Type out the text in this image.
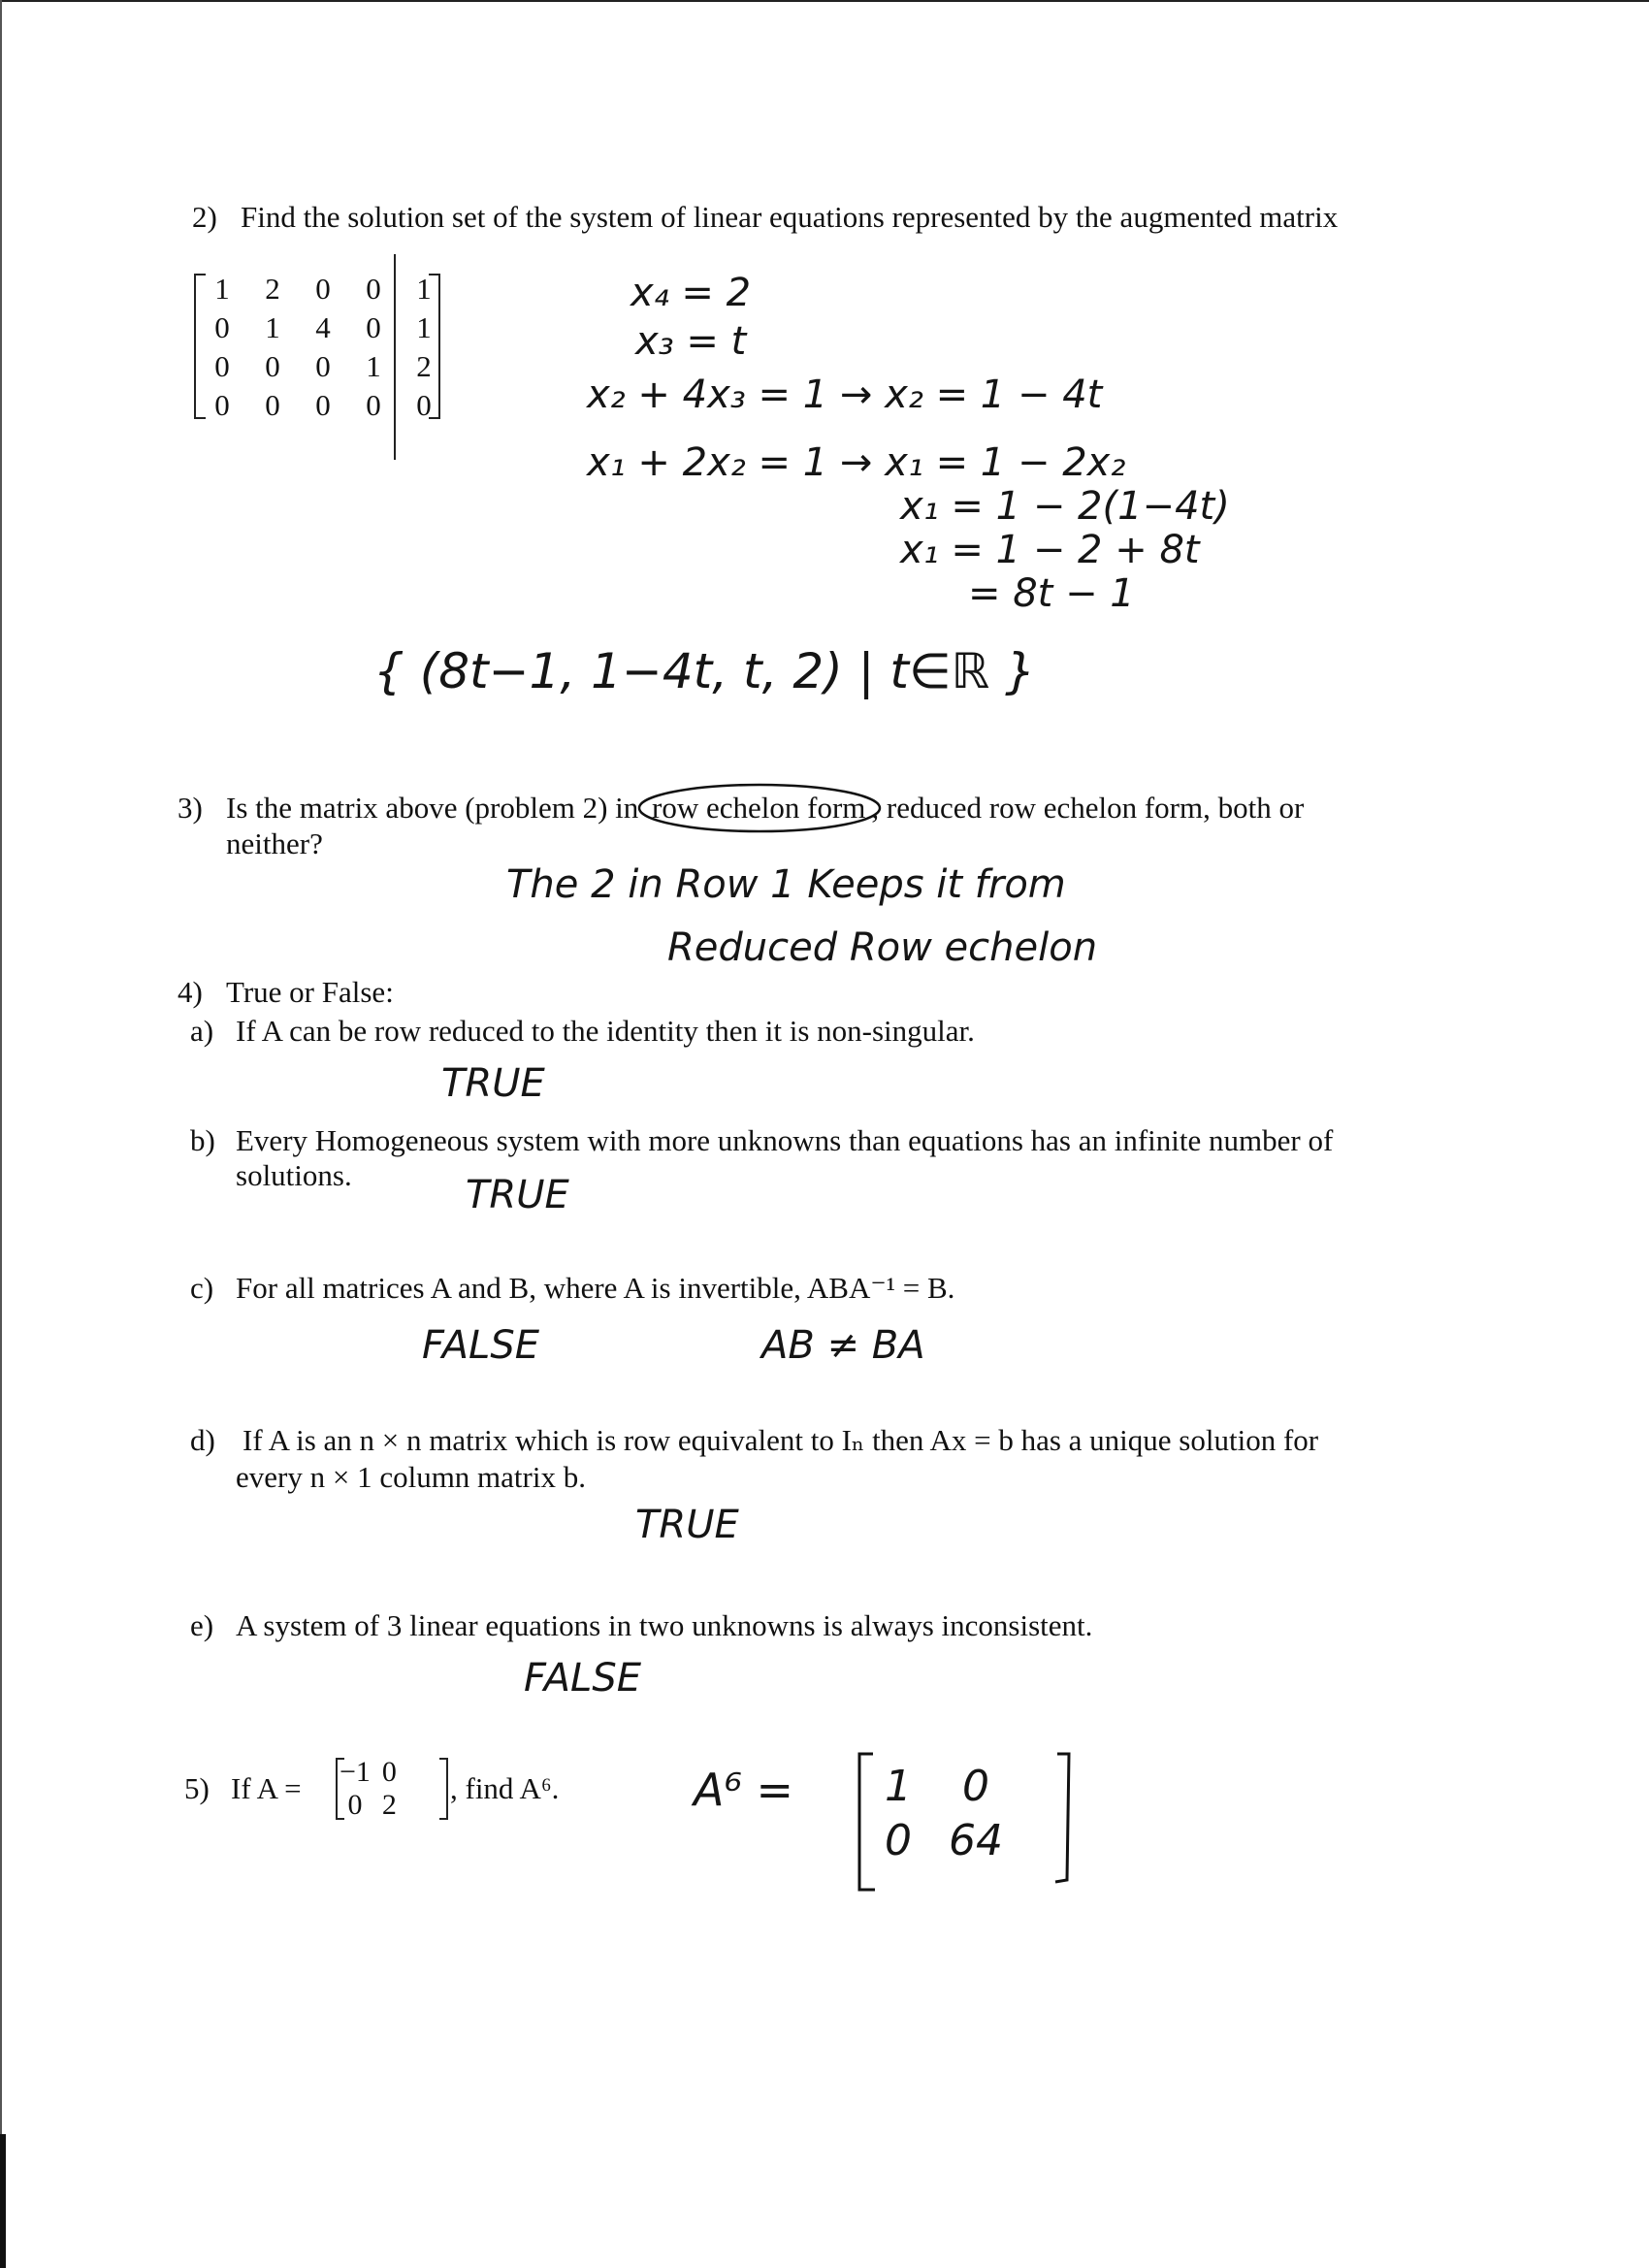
2) Find the solution set of the system of linear equations represented by the augmented matrix
1	2	0	0	1
0	1	4	0	1
0	0	0	1	2
0	0	0	0	0
x₄ = 2
x₃ = t
x₂ + 4x₃ = 1 → x₂ = 1 − 4t
x₁ + 2x₂ = 1 → x₁ = 1 − 2x₂
x₁ = 1 − 2(1−4t)
x₁ = 1 − 2 + 8t
= 8t − 1
{ (8t−1, 1−4t, t, 2) | t∈ℝ }
3) Is the matrix above (problem 2) in row echelon form , reduced row echelon form, both or
neither?
The 2 in Row 1 Keeps it from
Reduced Row echelon
4) True or False:
a) If A can be row reduced to the identity then it is non-singular.
TRUE
b) Every Homogeneous system with more unknowns than equations has an infinite number of
solutions.	TRUE
c) For all matrices A and B, where A is invertible, ABA⁻¹ = B.
FALSE	AB ≠ BA
d) If A is an n × n matrix which is row equivalent to Iₙ then Ax = b has a unique solution for
every n × 1 column matrix b.
TRUE
e) A system of 3 linear equations in two unknowns is always inconsistent.
FALSE
5) If A = −1	0
0	2 , find A⁶.	A⁶ = 1	0
0	64
